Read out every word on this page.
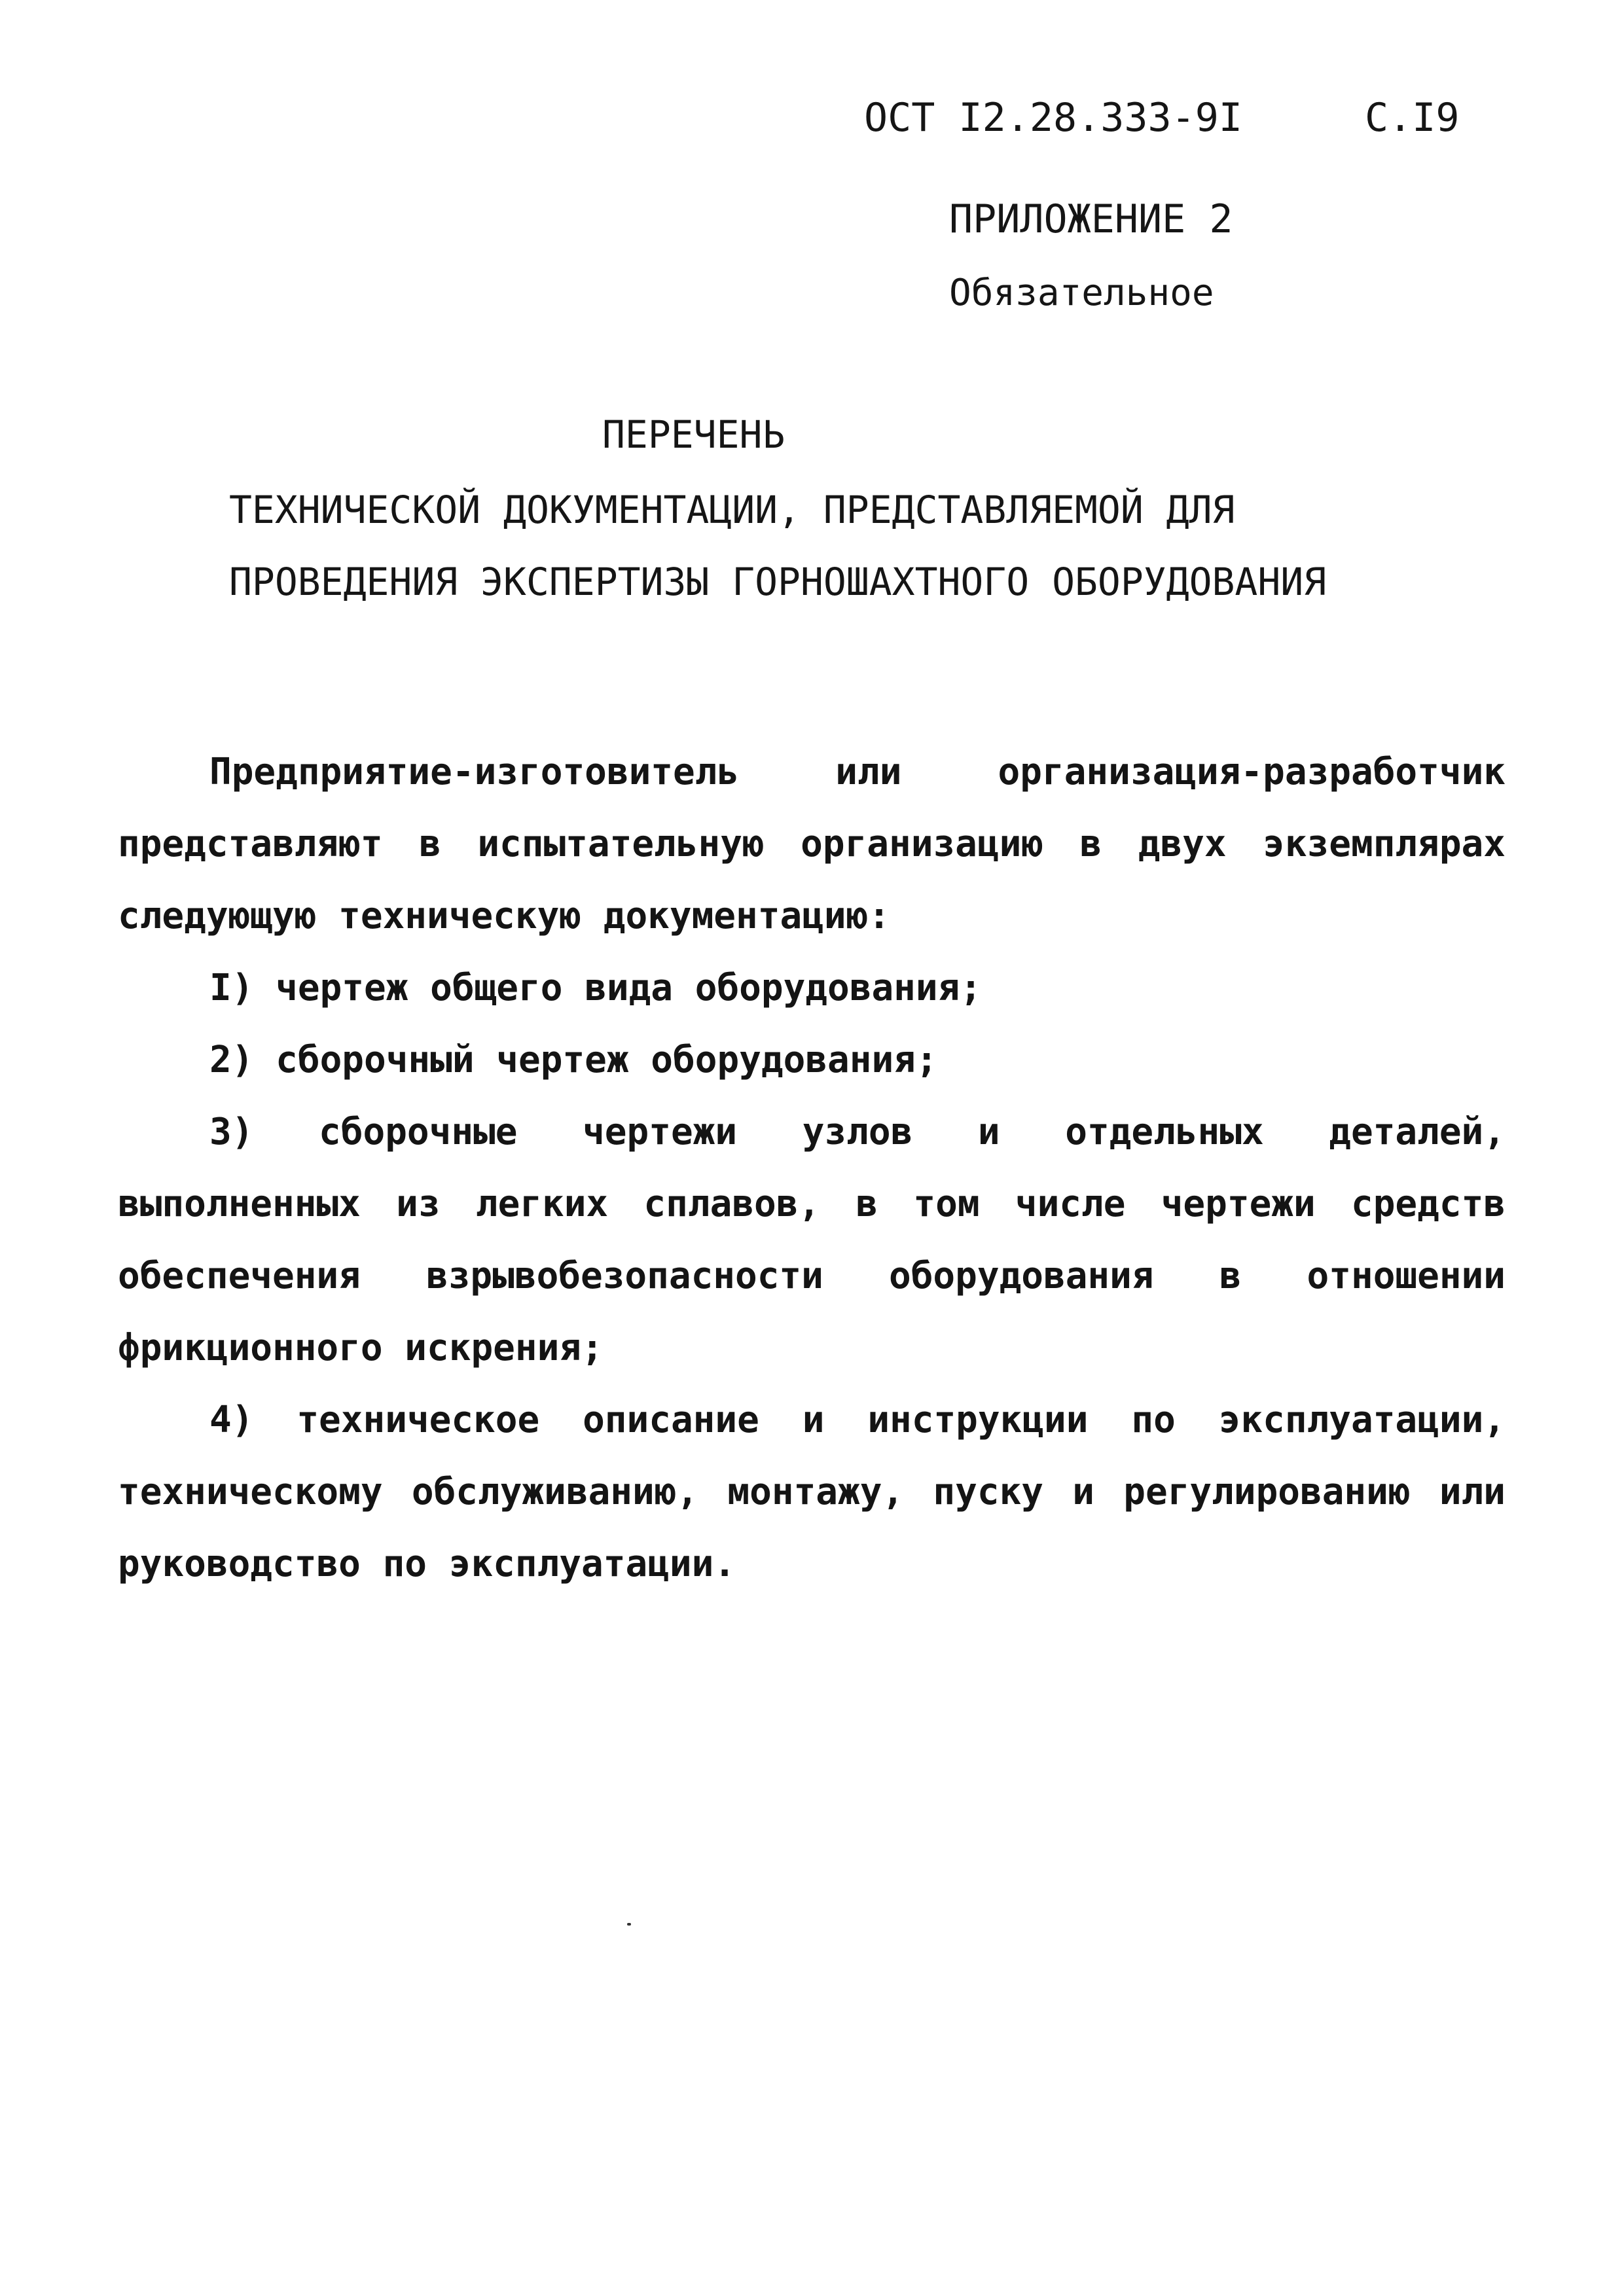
ОСТ I2.28.333-9I	С.I9
ПРИЛОЖЕНИЕ 2
Обязательное
ПЕРЕЧЕНЬ
ТЕХНИЧЕСКОЙ ДОКУМЕНТАЦИИ, ПРЕДСТАВЛЯЕМОЙ ДЛЯ
ПРОВЕДЕНИЯ ЭКСПЕРТИЗЫ ГОРНОШАХТНОГО ОБОРУДОВАНИЯ

Предприятие-изготовитель или организация-разработчик представляют в испытательную организацию в двух экземплярах следующую техническую документацию:

I) чертеж общего вида оборудования;

2) сборочный чертеж оборудования;

3) сборочные чертежи узлов и отдельных деталей, выполненных из легких сплавов, в том числе чертежи средств обеспечения взрывобезопасности оборудования в отношении фрикционного искрения;

4) техническое описание и инструкции по эксплуатации, техническому обслуживанию, монтажу, пуску и регулированию или руководство по эксплуатации.
